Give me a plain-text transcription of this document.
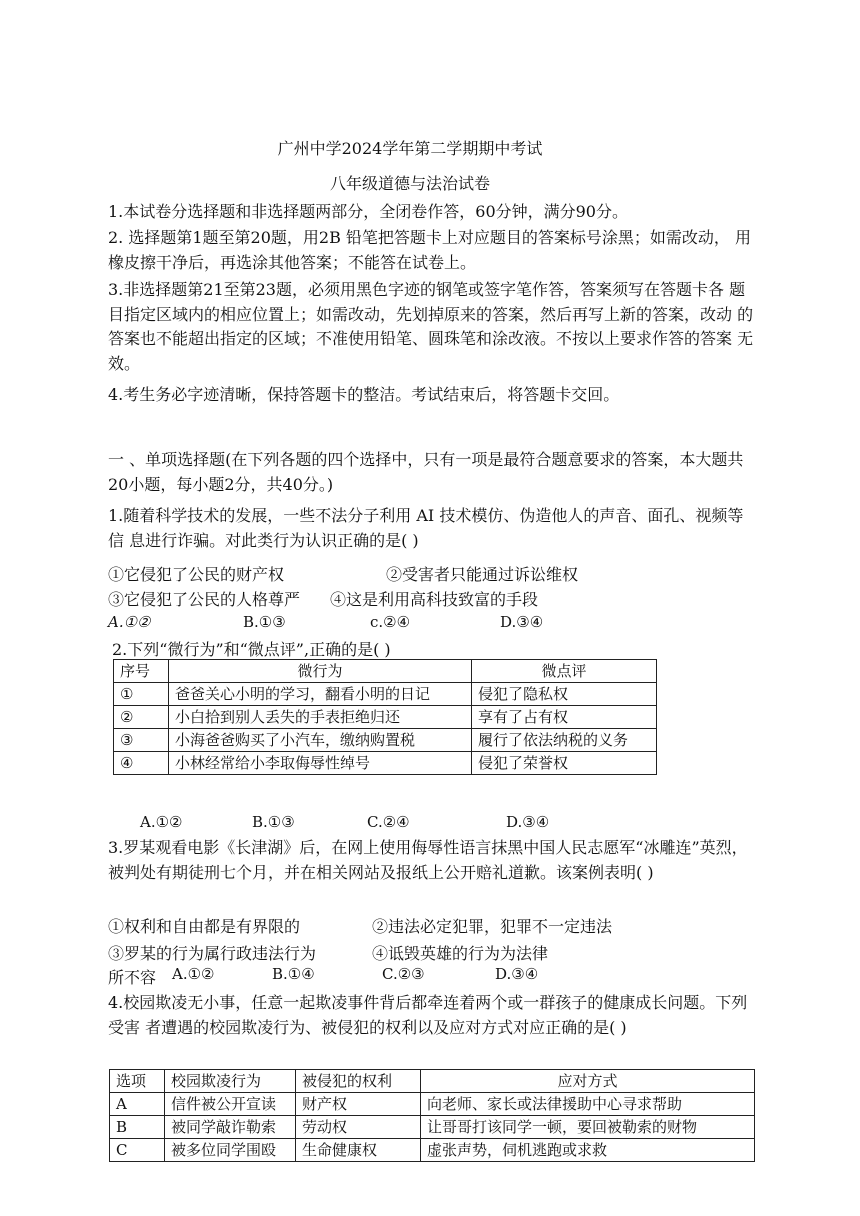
广州中学2024学年第二学期期中考试
八年级道德与法治试卷

1.本试卷分选择题和非选择题两部分，全闭卷作答，60分钟，满分90分。

2. 选择题第1题至第20题，用2B 铅笔把答题卡上对应题目的答案标号涂黑；如需改动， 用橡皮擦干净后，再选涂其他答案；不能答在试卷上。

3.非选择题第21至第23题，必须用黑色字迹的钢笔或签字笔作答，答案须写在答题卡各 题目指定区域内的相应位置上；如需改动，先划掉原来的答案，然后再写上新的答案，改动 的答案也不能超出指定的区域；不准使用铅笔、圆珠笔和涂改液。不按以上要求作答的答案 无效。

4.考生务必字迹清晰，保持答题卡的整洁。考试结束后，将答题卡交回。

一 、单项选择题(在下列各题的四个选择中，只有一项是最符合题意要求的答案，本大题共 20小题，每小题2分，共40分。)

1.随着科学技术的发展，一些不法分子利用 AI 技术模仿、伪造他人的声音、面孔、视频等信 息进行诈骗。对此类行为认识正确的是( )

①它侵犯了公民的财产权	②受害者只能通过诉讼维权
③它侵犯了公民的人格尊严 ④这是利用高科技致富的手段
A.①②	B.①③	c.②④	D.③④
2.下列“微行为”和“微点评”,正确的是( )
序号	微行为	微点评
①	爸爸关心小明的学习，翻看小明的日记	侵犯了隐私权
②	小白拾到别人丢失的手表拒绝归还	享有了占有权
③	小海爸爸购买了小汽车，缴纳购置税	履行了依法纳税的义务
④	小林经常给小李取侮辱性绰号	侵犯了荣誉权
A.①②	B.①③	C.②④	D.③④

3.罗某观看电影《长津湖》后，在网上使用侮辱性语言抹黑中国人民志愿军“冰雕连”英烈， 被判处有期徒刑七个月，并在相关网站及报纸上公开赔礼道歉。该案例表明( )

①权利和自由都是有界限的	②违法必定犯罪，犯罪不一定违法
③罗某的行为属行政违法行为	④诋毁英雄的行为为法律
所不容 A.①②	B.①④	C.②③	D.③④

4.校园欺凌无小事，任意一起欺凌事件背后都牵连着两个或一群孩子的健康成长问题。下列受害 者遭遇的校园欺凌行为、被侵犯的权利以及应对方式对应正确的是( )

选项	校园欺凌行为	被侵犯的权利	应对方式
A	信件被公开宣读	财产权	向老师、家长或法律援助中心寻求帮助
B	被同学敲诈勒索	劳动权	让哥哥打该同学一顿，要回被勒索的财物
C	被多位同学围殴	生命健康权	虚张声势，伺机逃跑或求救
